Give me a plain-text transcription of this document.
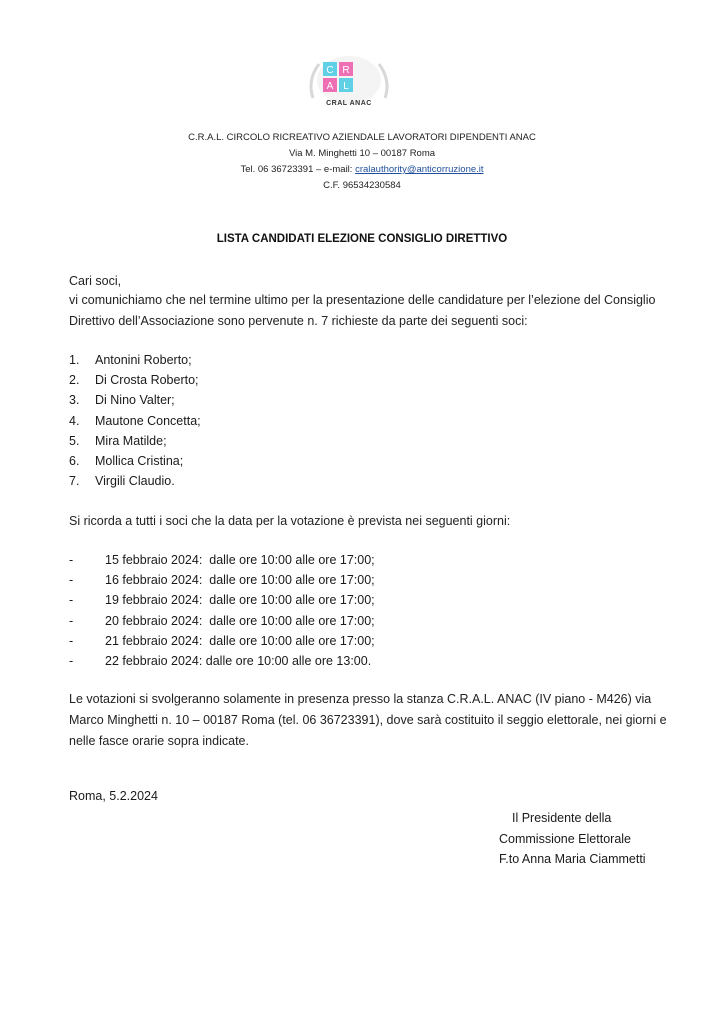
C R
A L
CRAL ANAC
C.R.A.L. CIRCOLO RICREATIVO AZIENDALE LAVORATORI DIPENDENTI ANAC
Via M. Minghetti 10 – 00187 Roma
Tel. 06 36723391 – e-mail: cralauthority@anticorruzione.it
C.F. 96534230584
LISTA CANDIDATI ELEZIONE CONSIGLIO DIRETTIVO
Cari soci,
vi comunichiamo che nel termine ultimo per la presentazione delle candidature per l’elezione del Consiglio Direttivo dell’Associazione sono pervenute n. 7 richieste da parte dei seguenti soci:
1.	Antonini Roberto;
2.	Di Crosta Roberto;
3.	Di Nino Valter;
4.	Mautone Concetta;
5.	Mira Matilde;
6.	Mollica Cristina;
7.	Virgili Claudio.
Si ricorda a tutti i soci che la data per la votazione è prevista nei seguenti giorni:
-	15 febbraio 2024:  dalle ore 10:00 alle ore 17:00;
-	16 febbraio 2024:  dalle ore 10:00 alle ore 17:00;
-	19 febbraio 2024:  dalle ore 10:00 alle ore 17:00;
-	20 febbraio 2024:  dalle ore 10:00 alle ore 17:00;
-	21 febbraio 2024:  dalle ore 10:00 alle ore 17:00;
-	22 febbraio 2024: dalle ore 10:00 alle ore 13:00.
Le votazioni si svolgeranno solamente in presenza presso la stanza C.R.A.L. ANAC (IV piano - M426) via Marco Minghetti n. 10 – 00187 Roma (tel. 06 36723391), dove sarà costituito il seggio elettorale, nei giorni e nelle fasce orarie sopra indicate.
Roma, 5.2.2024
Il Presidente della
Commissione Elettorale
F.to Anna Maria Ciammetti
